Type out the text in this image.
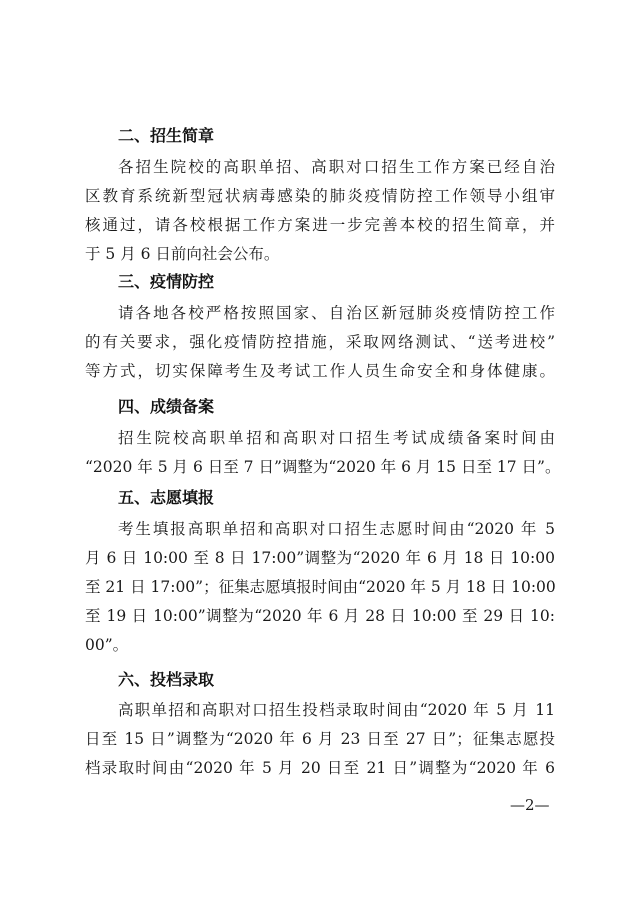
二、招生简章
各招生院校的高职单招、高职对口招生工作方案已经自治
区教育系统新型冠状病毒感染的肺炎疫情防控工作领导小组审
核通过，请各校根据工作方案进一步完善本校的招生简章，并
于 5 月 6 日前向社会公布。
三、疫情防控
请各地各校严格按照国家、自治区新冠肺炎疫情防控工作
的有关要求，强化疫情防控措施，采取网络测试、“送考进校”
等方式，切实保障考生及考试工作人员生命安全和身体健康。
四、成绩备案
招生院校高职单招和高职对口招生考试成绩备案时间由
“2020 年 5 月 6 日至 7 日”调整为“2020 年 6 月 15 日至 17 日”。
五、志愿填报
考生填报高职单招和高职对口招生志愿时间由“2020 年 5
月 6 日 10:00 至 8 日 17:00”调整为“2020 年 6 月 18 日 10:00
至 21 日 17:00”；征集志愿填报时间由“2020 年 5 月 18 日 10:00
至 19 日 10:00”调整为“2020 年 6 月 28 日 10:00 至 29 日 10:
00”。
六、投档录取
高职单招和高职对口招生投档录取时间由“2020 年 5 月 11
日至 15 日”调整为“2020 年 6 月 23 日至 27 日”；征集志愿投
档录取时间由“2020 年 5 月 20 日至 21 日”调整为“2020 年 6
—2—
